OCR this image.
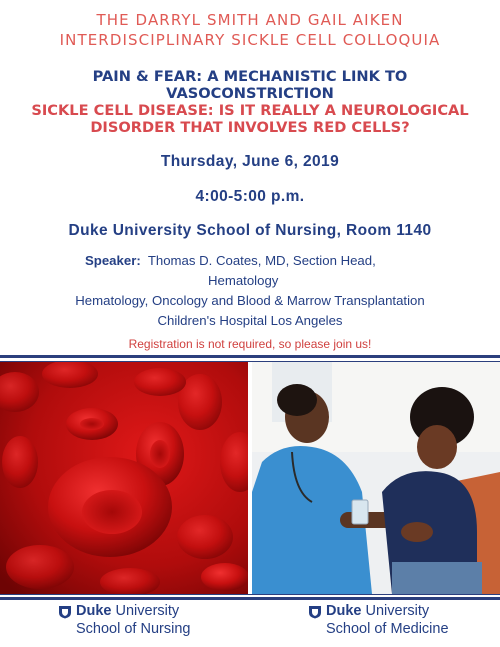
THE DARRYL SMITH AND GAIL AIKEN
INTERDISCIPLINARY SICKLE CELL COLLOQUIA
PAIN & FEAR: A MECHANISTIC LINK TO
VASOCONSTRICTION
SICKLE CELL DISEASE: IS IT REALLY A NEUROLOGICAL
DISORDER THAT INVOLVES RED CELLS?
Thursday, June 6, 2019
4:00-5:00 p.m.
Duke University School of Nursing, Room 1140
Speaker: Thomas D. Coates, MD, Section Head,
Hematology
Hematology, Oncology and Blood & Marrow Transplantation
Children's Hospital Los Angeles
Registration is not required, so please join us!
Duke University
School of Nursing
Duke University
School of Medicine
